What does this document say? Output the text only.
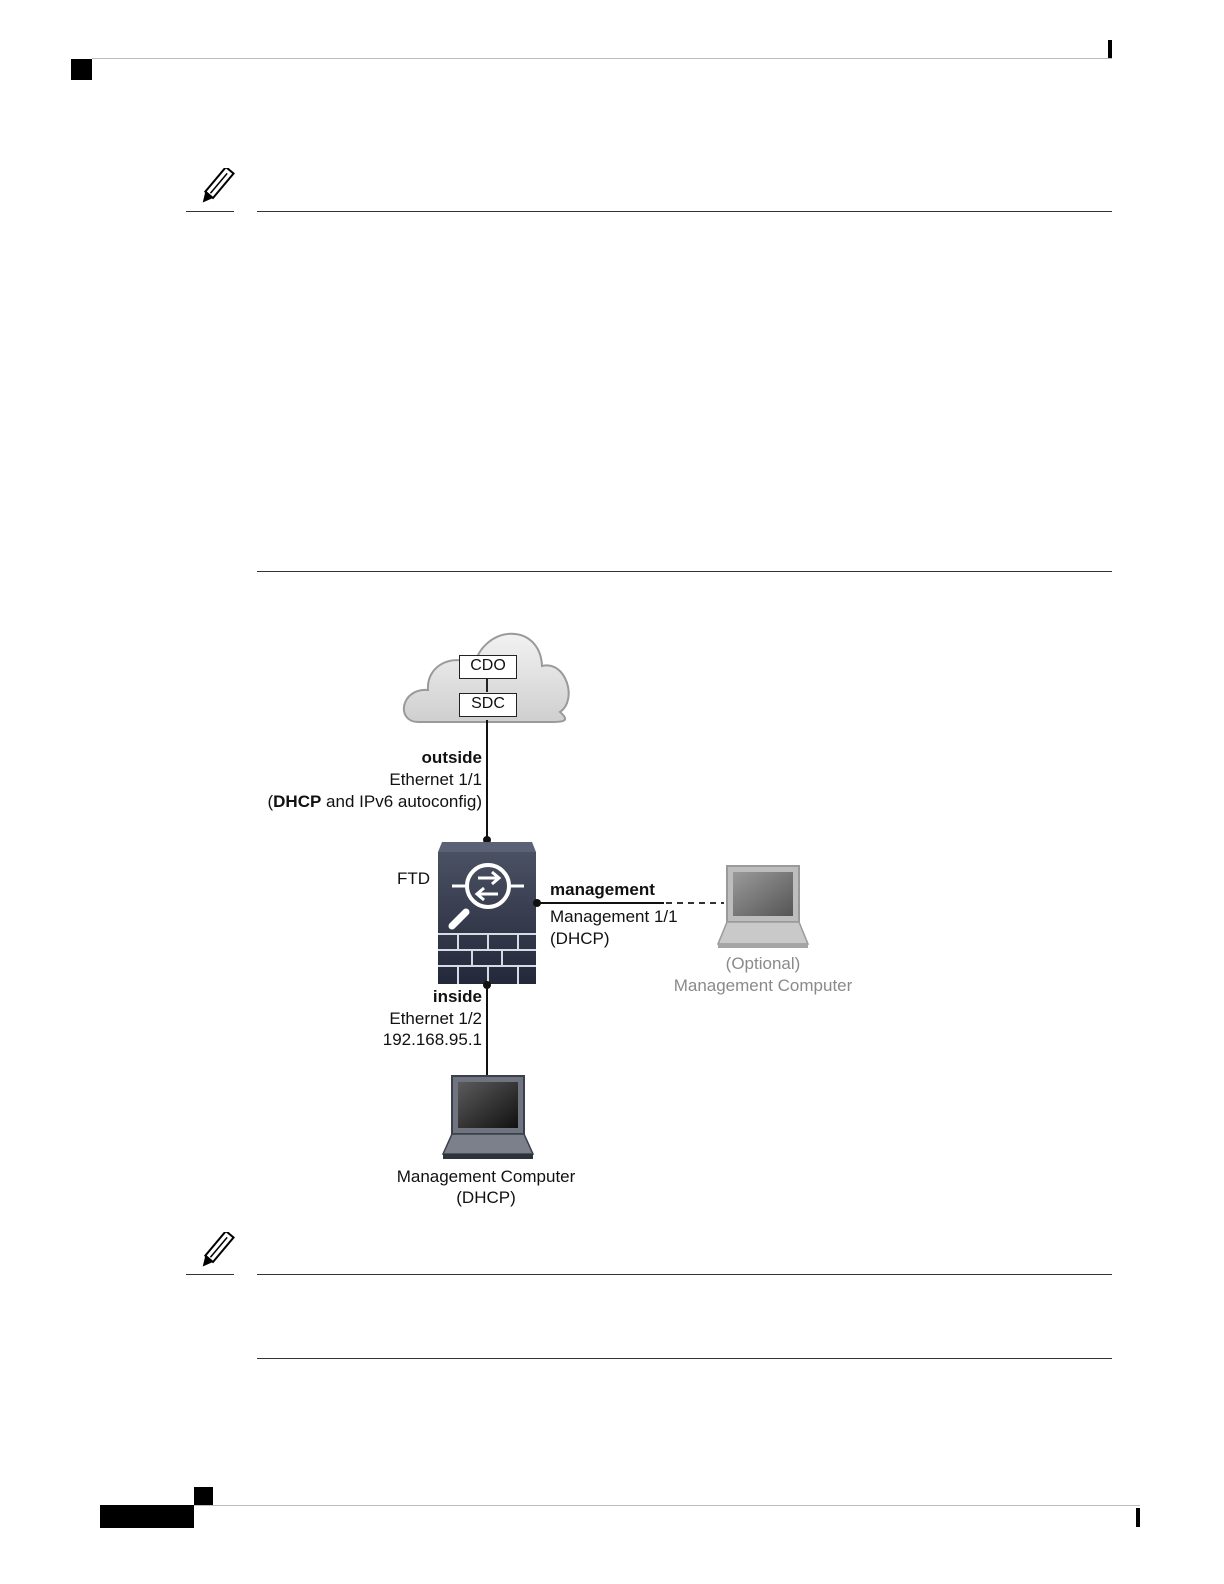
CDO
SDC
outside
Ethernet 1/1
(DHCP and IPv6 autoconfig)
FTD
management
Management 1/1
(DHCP)
(Optional)
Management Computer
inside
Ethernet 1/2
192.168.95.1
Management Computer
(DHCP)
